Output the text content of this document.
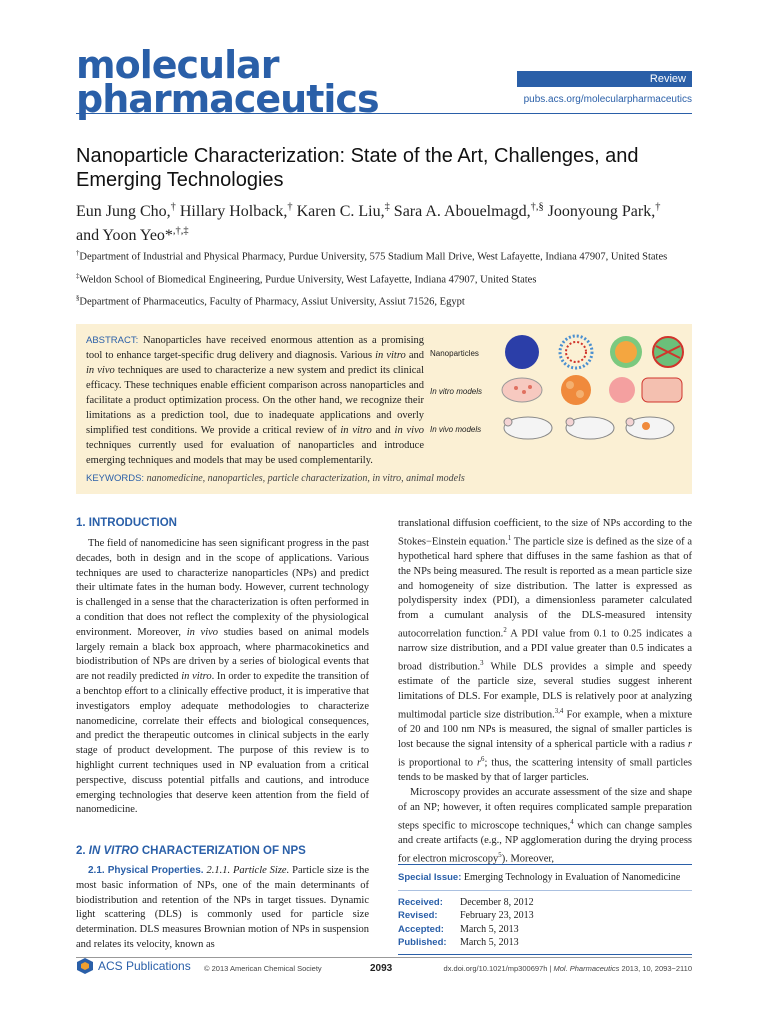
molecular
pharmaceutics	Review
pubs.acs.org/molecularpharmaceutics
Nanoparticle Characterization: State of the Art, Challenges, and Emerging Technologies
Eun Jung Cho,† Hillary Holback,† Karen C. Liu,‡ Sara A. Abouelmagd,†,§ Joonyoung Park,†
and Yoon Yeo*,†,‡

†Department of Industrial and Physical Pharmacy, Purdue University, 575 Stadium Mall Drive, West Lafayette, Indiana 47907, United States

‡Weldon School of Biomedical Engineering, Purdue University, West Lafayette, Indiana 47907, United States

§Department of Pharmaceutics, Faculty of Pharmacy, Assiut University, Assiut 71526, Egypt

ABSTRACT: Nanoparticles have received enormous attention as a promising tool to enhance target-specific drug delivery and diagnosis. Various in vitro and in vivo techniques are used to characterize a new system and predict its clinical efficacy. These techniques enable efficient comparison across nanoparticles and facilitate a product optimization process. On the other hand, we recognize their limitations as a prediction tool, due to inadequate applications and overly simplified test conditions. We provide a critical review of in vitro and in vivo techniques currently used for evaluation of nanoparticles and introduce emerging techniques and models that may be used complementarily.
Nanoparticles
In vitro models
In vivo models
KEYWORDS: nanomedicine, nanoparticles, particle characterization, in vitro, animal models
1. INTRODUCTION

The field of nanomedicine has seen significant progress in the past decades, both in design and in the scope of applications. Various techniques are used to characterize nanoparticles (NPs) and predict their ultimate fates in the human body. However, current technology is challenged in a sense that the characterization is often performed in a condition that does not reflect the complexity of the physiological environment. Moreover, in vivo studies based on animal models largely remain a black box approach, where pharmacokinetics and biodistribution of NPs are driven by a series of biological events that are not readily predicted in vitro. In order to expedite the transition of a benchtop effort to a clinically effective product, it is imperative that investigators employ adequate methodologies to characterize nanomedicine, correlate their effects and biological consequences, and predict the therapeutic outcomes in clinical subjects in the early stage of product development. The purpose of this review is to highlight current techniques used in NP evaluation from a critical perspective, discuss potential pitfalls and cautions, and introduce emerging technologies that deserve keen attention from the field of nanomedicine.

2. IN VITRO CHARACTERIZATION OF NPS

2.1. Physical Properties. 2.1.1. Particle Size. Particle size is the most basic information of NPs, one of the main determinants of biodistribution and retention of the NPs in target tissues. Dynamic light scattering (DLS) is commonly used for particle size determination. DLS measures Brownian motion of NPs in suspension and relates its velocity, known as

translational diffusion coefficient, to the size of NPs according to the Stokes−Einstein equation.$^1$ The particle size is defined as the size of a hypothetical hard sphere that diffuses in the same fashion as that of the NPs being measured. The result is reported as a mean particle size and homogeneity of size distribution. The latter is expressed as polydispersity index (PDI), a dimensionless parameter calculated from a cumulant analysis of the DLS-measured intensity autocorrelation function.$^2$ A PDI value from 0.1 to 0.25 indicates a narrow size distribution, and a PDI value greater than 0.5 indicates a broad distribution.$^3$ While DLS provides a simple and speedy estimate of the particle size, several studies suggest inherent limitations of DLS. For example, DLS is relatively poor at analyzing multimodal particle size distribution.$^{3,4}$ For example, when a mixture of 20 and 100 nm NPs is measured, the signal of smaller particles is lost because the signal intensity of a spherical particle with a radius r is proportional to $r^6$; thus, the scattering intensity of small particles tends to be masked by that of larger particles.

Microscopy provides an accurate assessment of the size and shape of an NP; however, it often requires complicated sample preparation steps specific to microscope techniques,$^4$ which can change samples and create artifacts (e.g., NP agglomeration during the drying process for electron microscopy$^5$). Moreover,

Special Issue: Emerging Technology in Evaluation of Nanomedicine
Received:	December 8, 2012
Revised:	February 23, 2013
Accepted:	March 5, 2013
Published:	March 5, 2013
ACS Publications © 2013 American Chemical Society	2093	dx.doi.org/10.1021/mp300697h | Mol. Pharmaceutics 2013, 10, 2093−2110
